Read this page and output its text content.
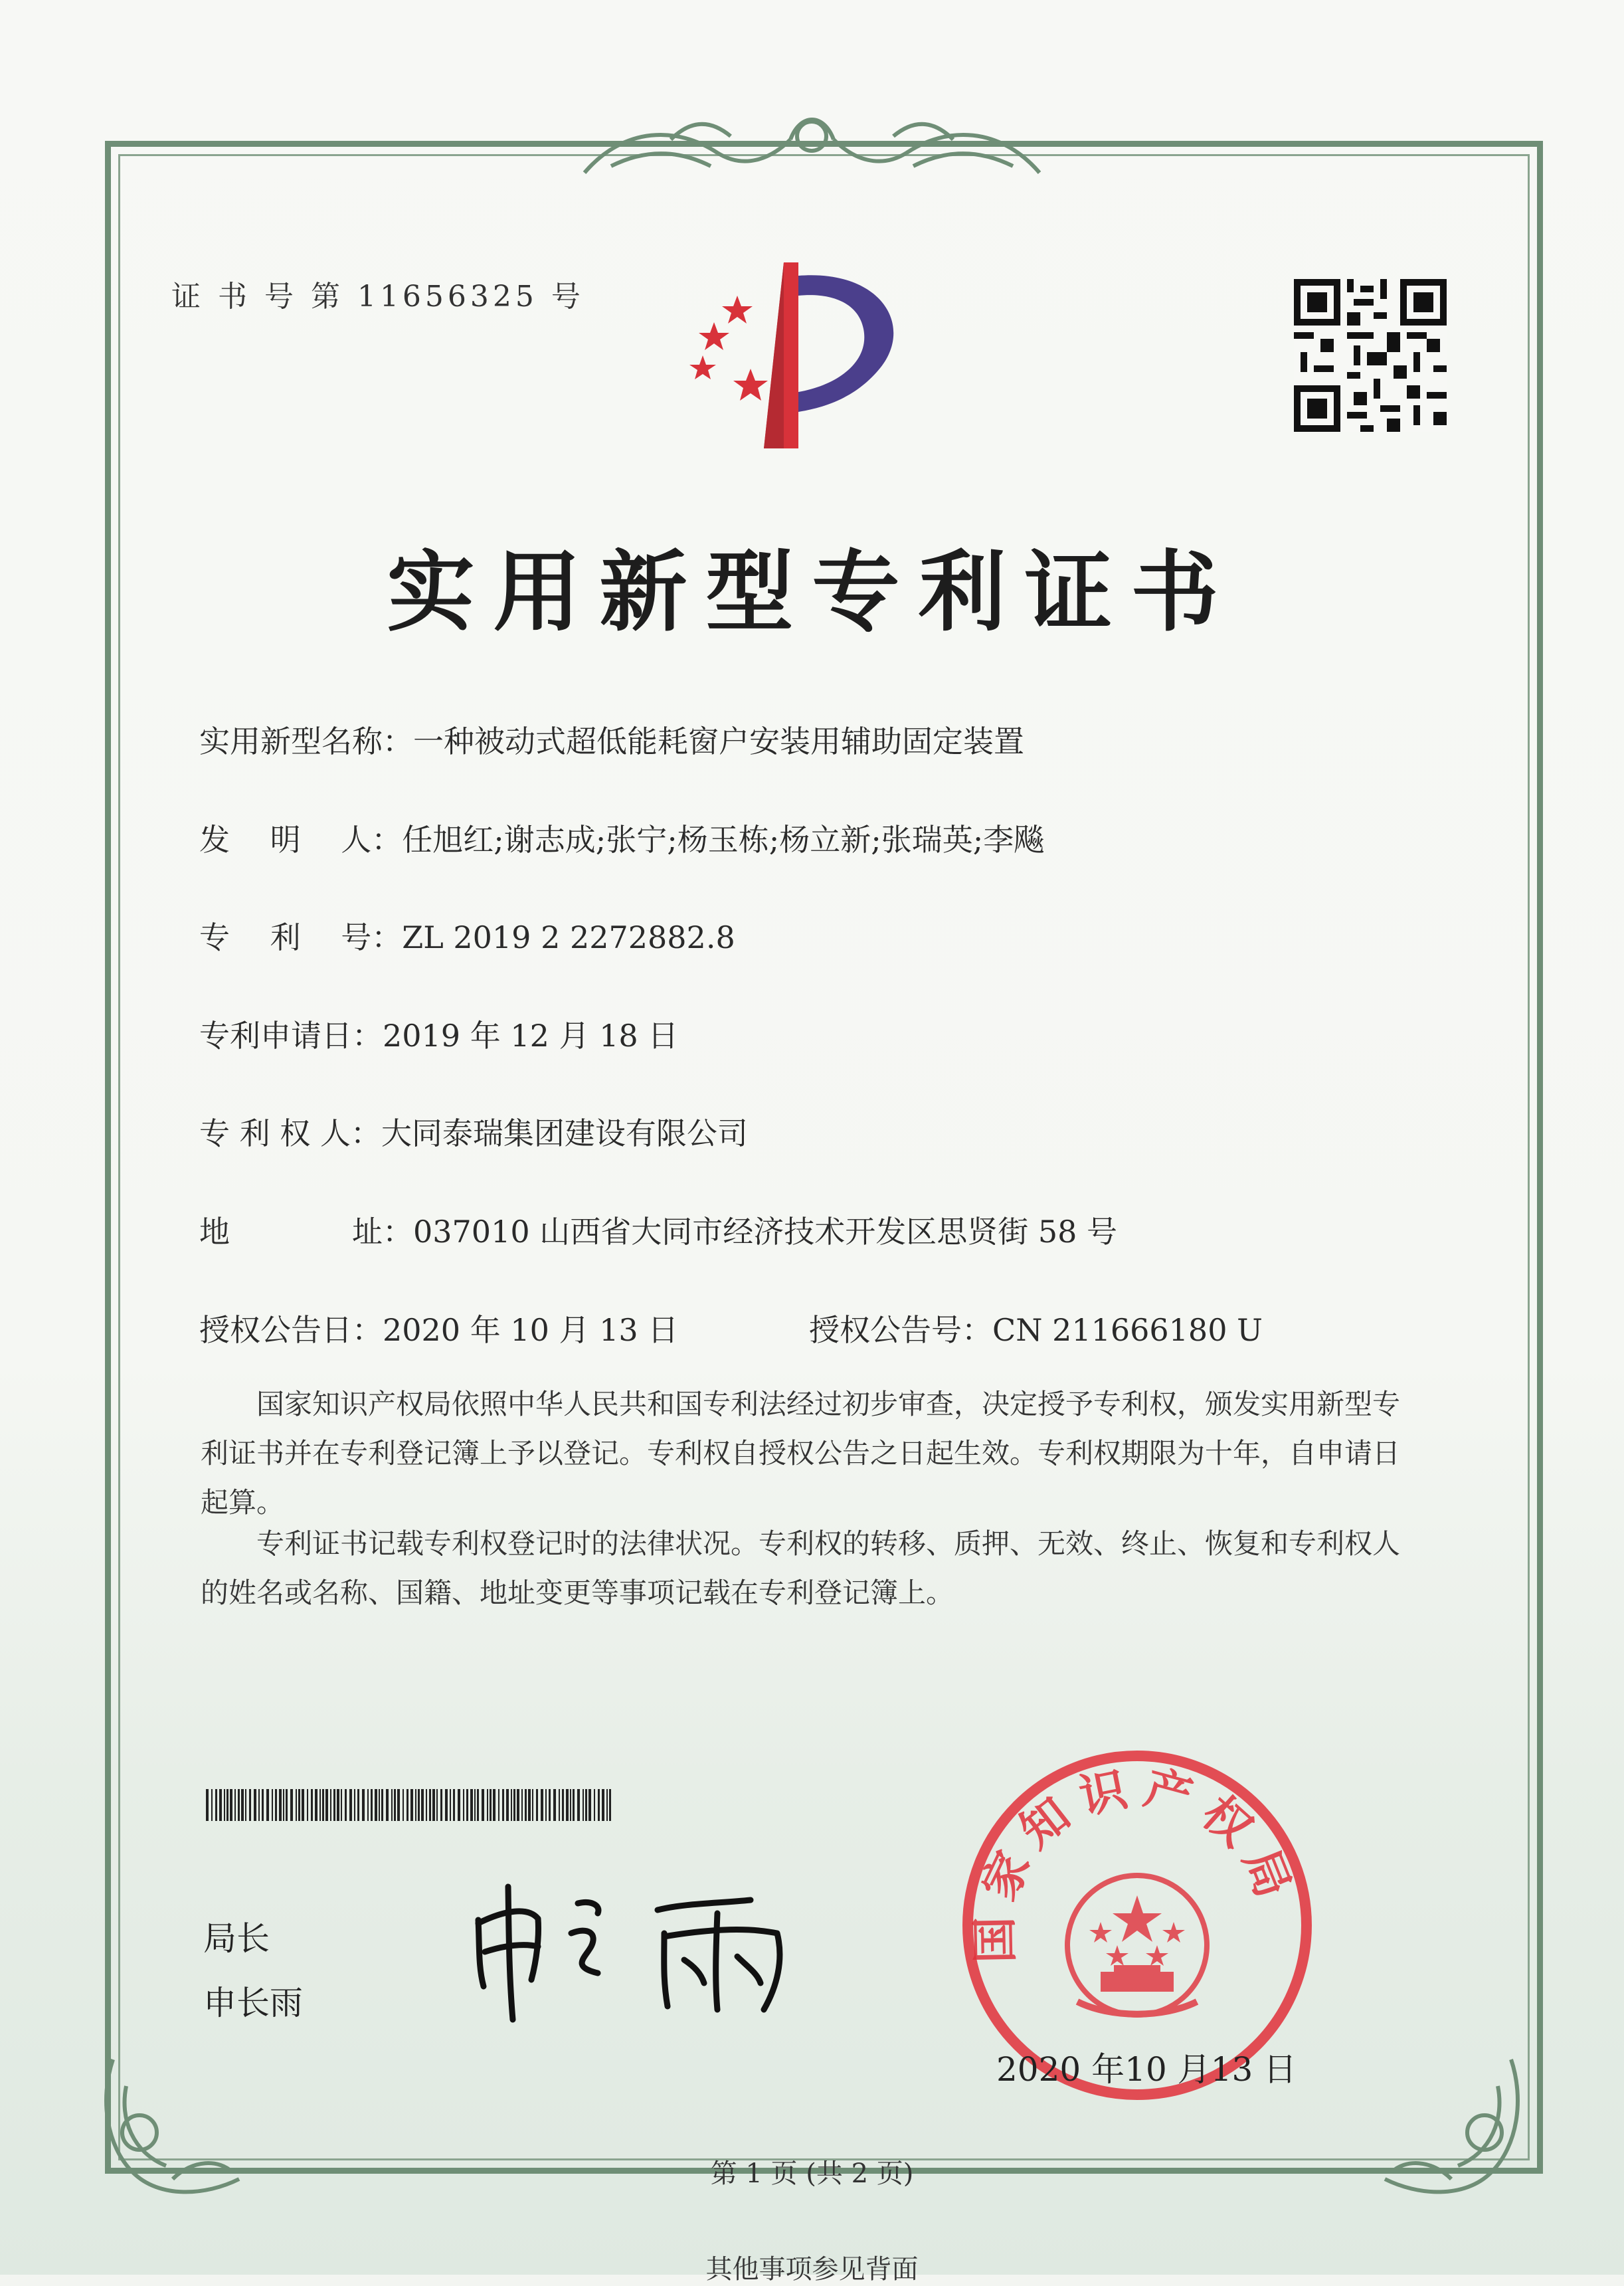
证 书 号 第 11656325 号
实用新型专利证书
实用新型名称：一种被动式超低能耗窗户安装用辅助固定装置
发　 明　 人：任旭红;谢志成;张宁;杨玉栋;杨立新;张瑞英;李飚
专　 利　 号：ZL 2019 2 2272882.8
专利申请日：2019 年 12 月 18 日
专 利 权 人：大同泰瑞集团建设有限公司
地　　　　址：037010 山西省大同市经济技术开发区思贤街 58 号
授权公告日：2020 年 10 月 13 日	授权公告号：CN 211666180 U
　　国家知识产权局依照中华人民共和国专利法经过初步审查，决定授予专利权，颁发实用新型专利证书并在专利登记簿上予以登记。专利权自授权公告之日起生效。专利权期限为十年，自申请日起算。
　　专利证书记载专利权登记时的法律状况。专利权的转移、质押、无效、终止、恢复和专利权人的姓名或名称、国籍、地址变更等事项记载在专利登记簿上。
局长
申长雨
国家知识产权局
2020 年10 月13 日
第 1 页 (共 2 页)
其他事项参见背面
